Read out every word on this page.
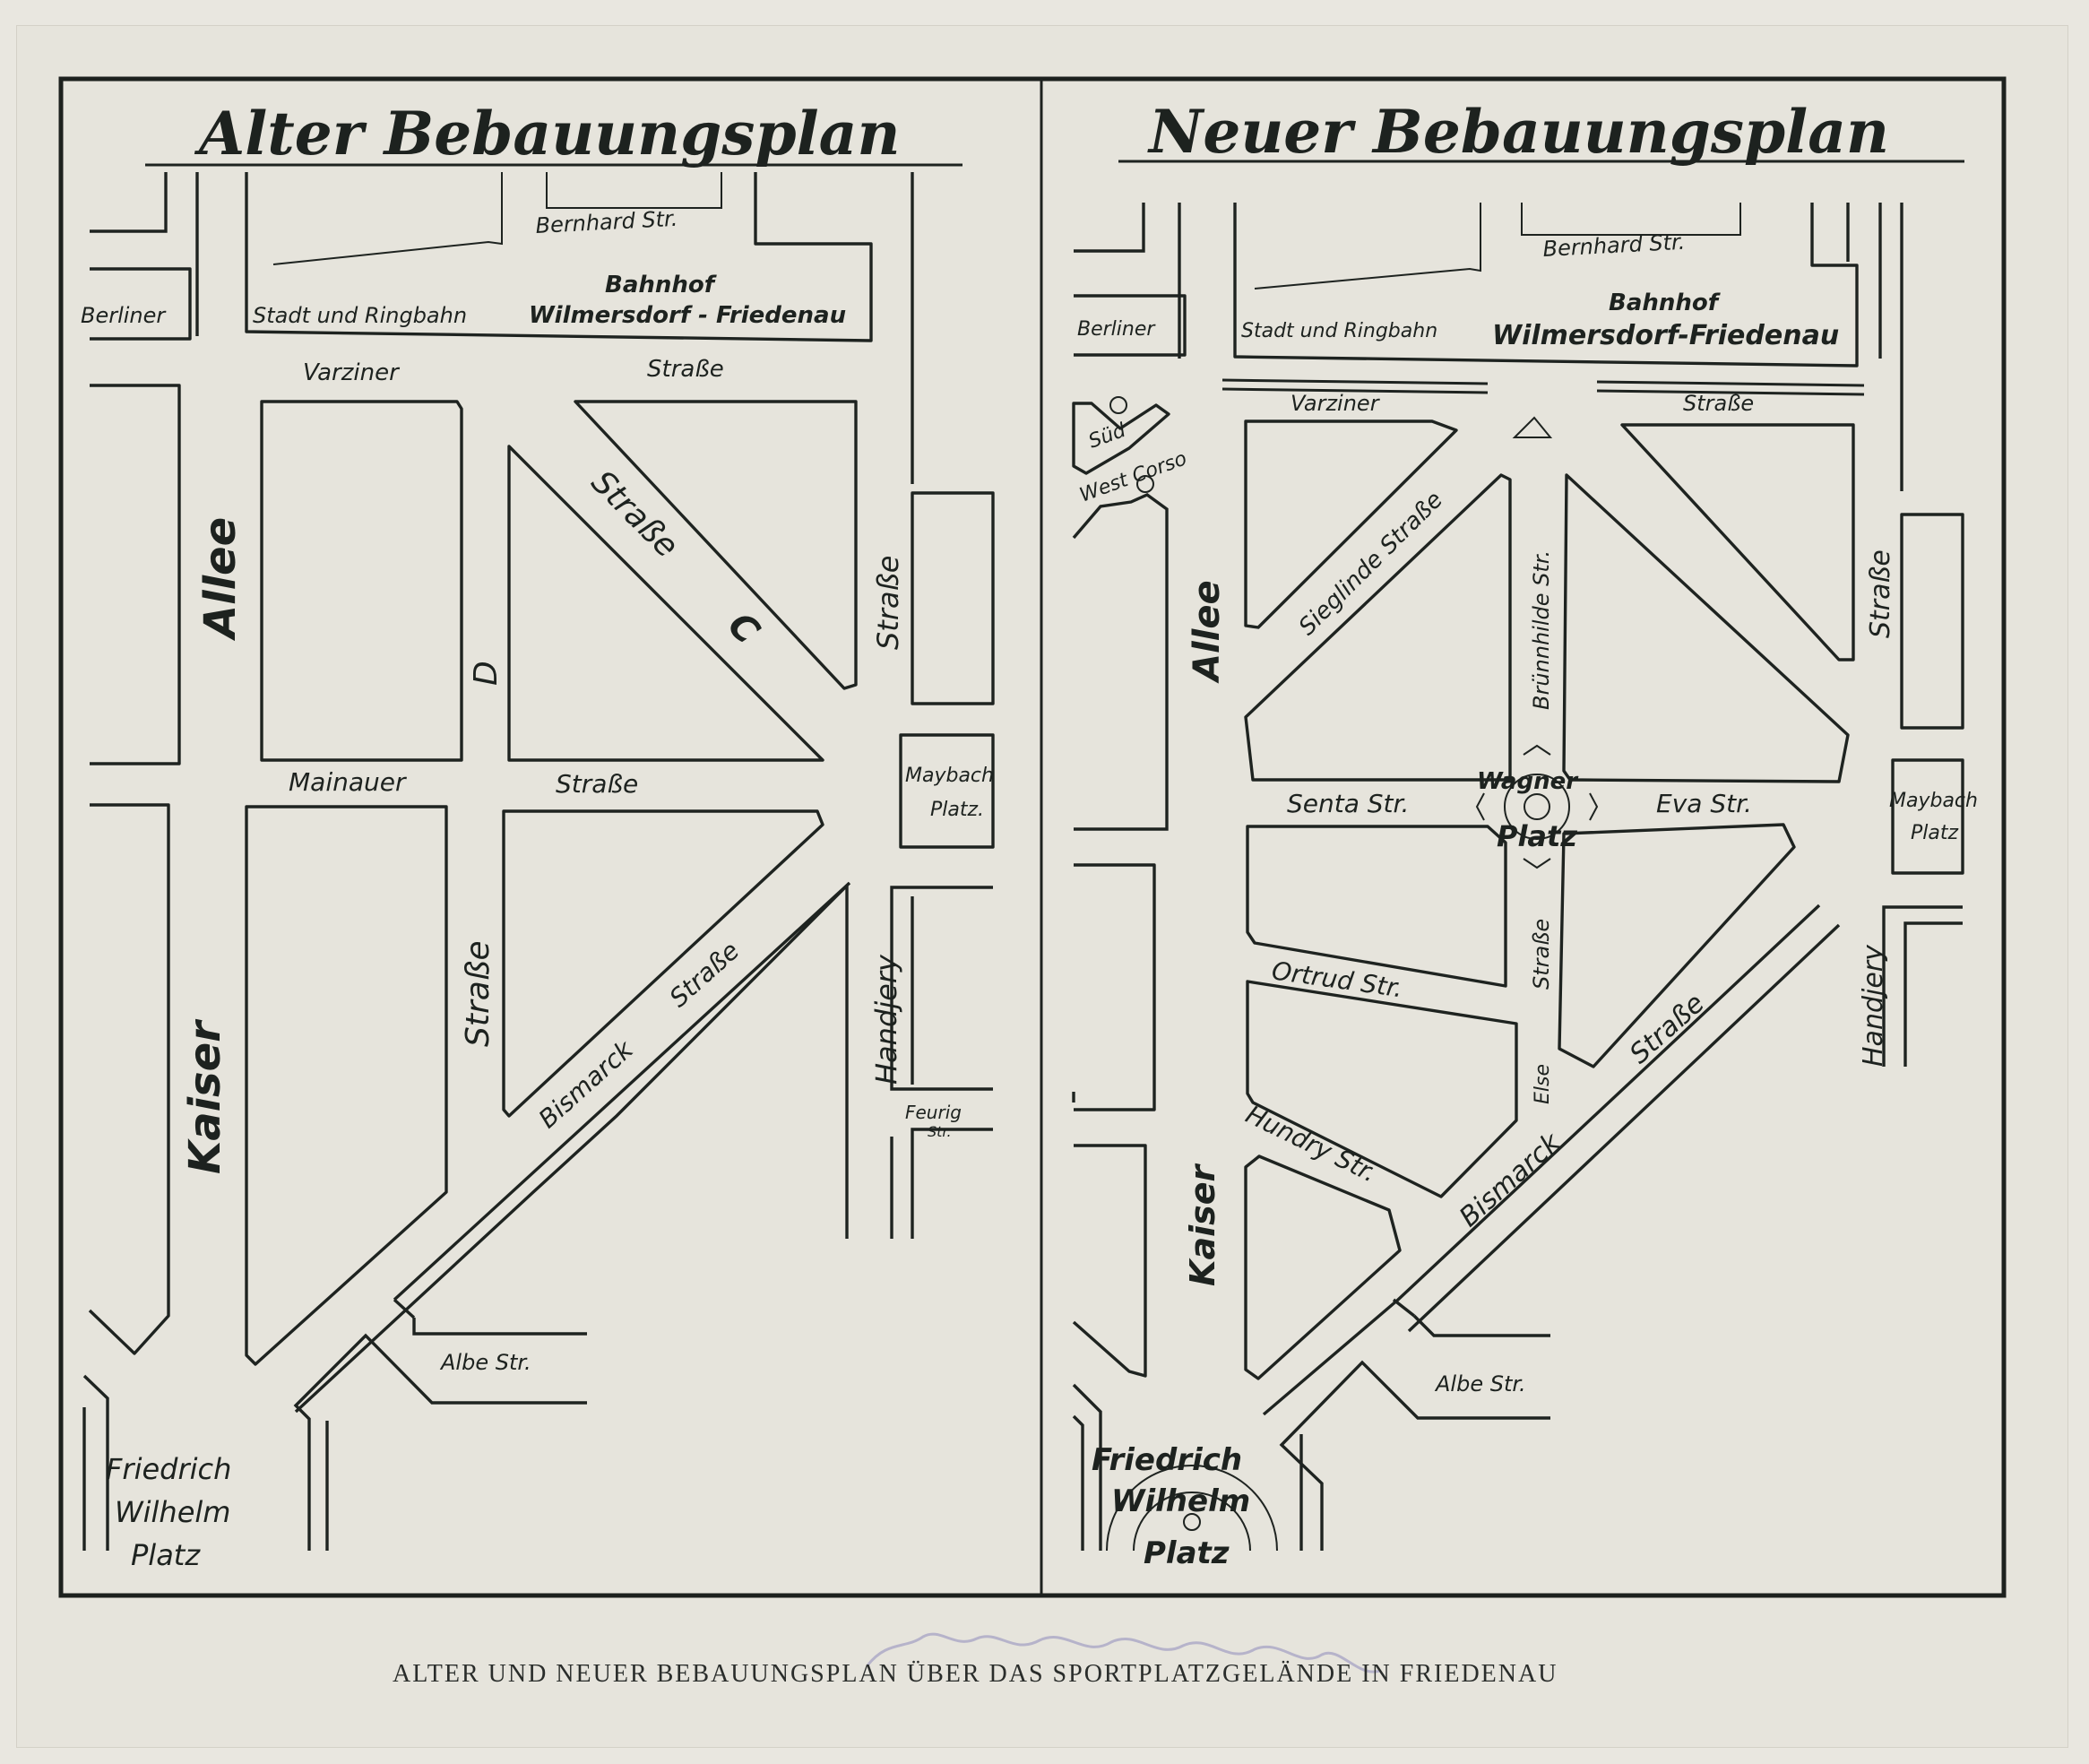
Alter Bebauungsplan
Bernhard Str.
Bahnhof
Stadt und Ringbahn	Wilmersdorf - Friedenau
Berliner
Varziner	Straße
Allee
Straße
C
D
Straße
Mainauer	Straße	Maybach
Platz.
Straße
Bismarck
Straße	Handjery
Feurig
Str.
Kaiser
Albe Str.
Friedrich
Wilhelm
Platz
Neuer Bebauungsplan
Bernhard Str.
Bahnhof
Stadt und Ringbahn Wilmersdorf-Friedenau
Berliner
Varziner	Straße
Süd
West Corso
Sieglinde Straße	Brünnhilde Str.	Straße
Allee
Wagner
Platz
Senta Str.	Eva Str.	Maybach
Platz
Ortrud Str.	Straße
Else
Straße
Bismarck
Handjery
Hundry Str.
Kaiser
Albe Str.
Friedrich
Wilhelm
Platz
ALTER UND NEUER BEBAUUNGSPLAN ÜBER DAS SPORTPLATZGELÄNDE IN FRIEDENAU
